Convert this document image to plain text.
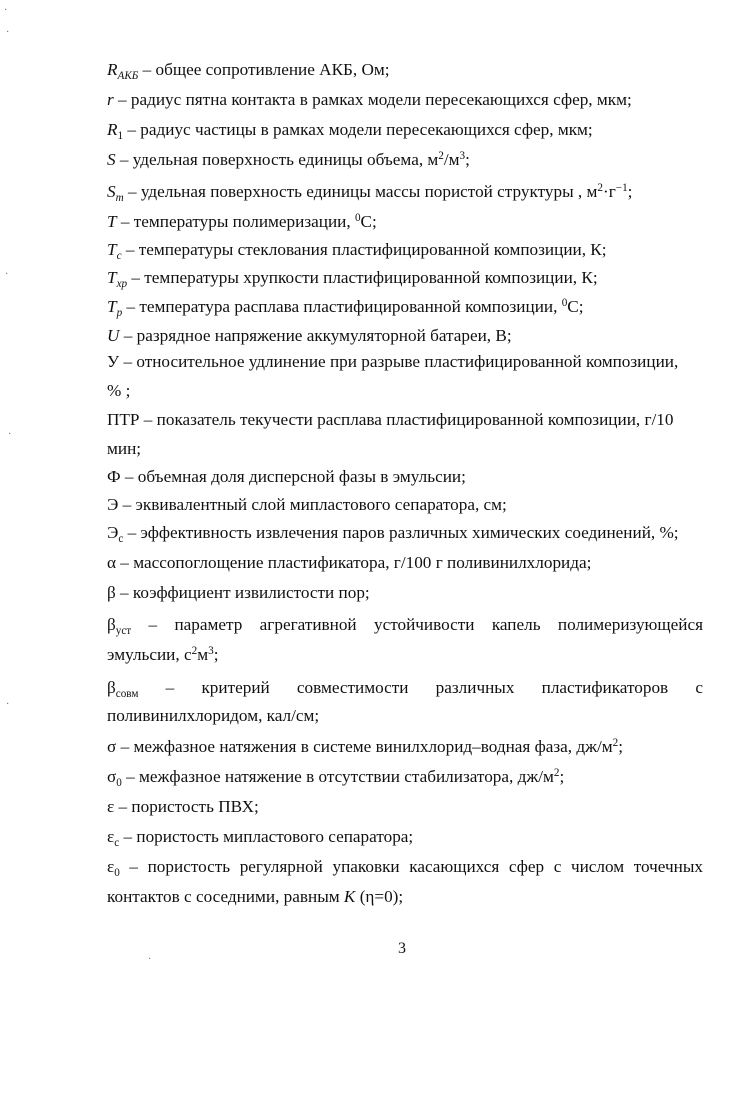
$R_{АКБ}$ – общее сопротивление АКБ, Ом;
r – радиус пятна контакта в рамках модели пересекающихся сфер, мкм;
$R_1$ – радиус частицы в рамках модели пересекающихся сфер, мкм;
S – удельная поверхность единицы объема, $м^2/м^3$;
$S_m$ – удельная поверхность единицы массы пористой структуры , $м^2\cdot г^{-1}$;
T – температуры полимеризации, $^0$С;
$T_c$ – температуры стеклования пластифицированной композиции, К;
$T_{хр}$ – температуры хрупкости пластифицированной композиции, К;
$T_p$ – температура расплава пластифицированной композиции, $^0$С;
U – разрядное напряжение аккумуляторной батареи, В;
У – относительное удлинение при разрыве пластифицированной композиции,
% ;
ПТР – показатель текучести расплава пластифицированной композиции, г/10
мин;
Ф – объемная доля дисперсной фазы в эмульсии;
Э – эквивалентный слой мипластового сепаратора, см;
$Э_с$ – эффективность извлечения паров различных химических соединений, %;
α – массопоглощение пластификатора, г/100 г поливинилхлорида;
β – коэффициент извилистости пор;
$\beta_{уст}$ – параметр агрегативной устойчивости капель полимеризующейся
эмульсии, $с^2м^3$;
$\beta_{совм}$ – критерий совместимости различных пластификаторов с
поливинилхлоридом, кал/см;
σ – межфазное натяжения в системе винилхлорид–водная фаза, $дж/м^2$;
$\sigma_0$ – межфазное натяжение в отсутствии стабилизатора, $дж/м^2$;
ε – пористость ПВХ;
$\varepsilon_с$ – пористость мипластового сепаратора;
$\varepsilon_0$ – пористость регулярной упаковки касающихся сфер с числом точечных
контактов с соседними, равным K (η=0);
3
·
·
·
·
·
·
